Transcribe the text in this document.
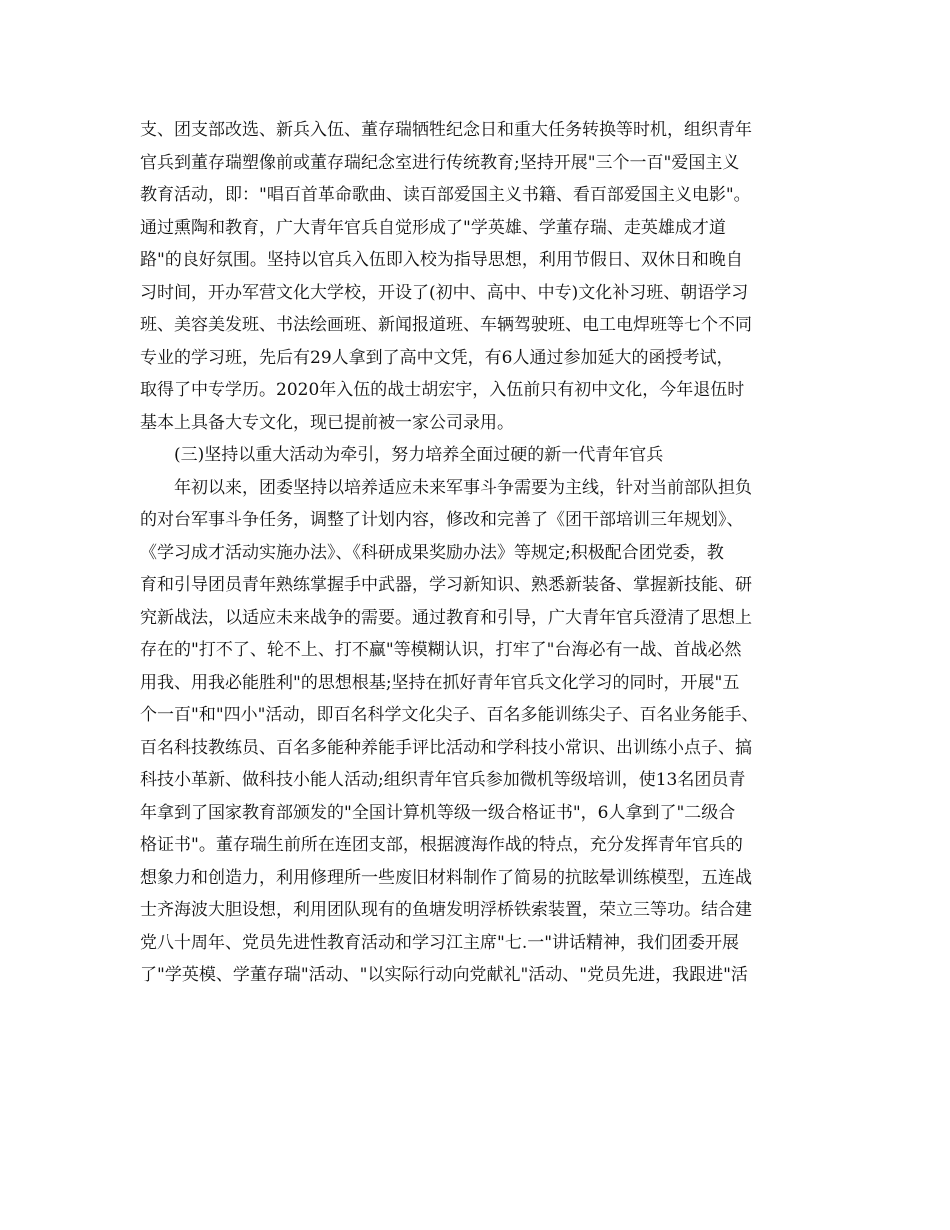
支、团支部改选、新兵入伍、董存瑞牺牲纪念日和重大任务转换等时机，组织青年
官兵到董存瑞塑像前或董存瑞纪念室进行传统教育;坚持开展"三个一百"爱国主义
教育活动，即："唱百首革命歌曲、读百部爱国主义书籍、看百部爱国主义电影"。
通过熏陶和教育，广大青年官兵自觉形成了"学英雄、学董存瑞、走英雄成才道
路"的良好氛围。坚持以官兵入伍即入校为指导思想，利用节假日、双休日和晚自
习时间，开办军营文化大学校，开设了(初中、高中、中专)文化补习班、朝语学习
班、美容美发班、书法绘画班、新闻报道班、车辆驾驶班、电工电焊班等七个不同
专业的学习班，先后有29人拿到了高中文凭，有6人通过参加延大的函授考试，
取得了中专学历。2020年入伍的战士胡宏宇，入伍前只有初中文化，今年退伍时
基本上具备大专文化，现已提前被一家公司录用。
(三)坚持以重大活动为牵引，努力培养全面过硬的新一代青年官兵
年初以来，团委坚持以培养适应未来军事斗争需要为主线，针对当前部队担负
的对台军事斗争任务，调整了计划内容，修改和完善了《团干部培训三年规划》、
《学习成才活动实施办法》、《科研成果奖励办法》等规定;积极配合团党委，教
育和引导团员青年熟练掌握手中武器，学习新知识、熟悉新装备、掌握新技能、研
究新战法，以适应未来战争的需要。通过教育和引导，广大青年官兵澄清了思想上
存在的"打不了、轮不上、打不赢"等模糊认识，打牢了"台海必有一战、首战必然
用我、用我必能胜利"的思想根基;坚持在抓好青年官兵文化学习的同时，开展"五
个一百"和"四小"活动，即百名科学文化尖子、百名多能训练尖子、百名业务能手、
百名科技教练员、百名多能种养能手评比活动和学科技小常识、出训练小点子、搞
科技小革新、做科技小能人活动;组织青年官兵参加微机等级培训，使13名团员青
年拿到了国家教育部颁发的"全国计算机等级一级合格证书"，6人拿到了"二级合
格证书"。董存瑞生前所在连团支部，根据渡海作战的特点，充分发挥青年官兵的
想象力和创造力，利用修理所一些废旧材料制作了简易的抗眩晕训练模型，五连战
士齐海波大胆设想，利用团队现有的鱼塘发明浮桥铁索装置，荣立三等功。结合建
党八十周年、党员先进性教育活动和学习江主席"七.一"讲话精神，我们团委开展
了"学英模、学董存瑞"活动、"以实际行动向党献礼"活动、"党员先进，我跟进"活
